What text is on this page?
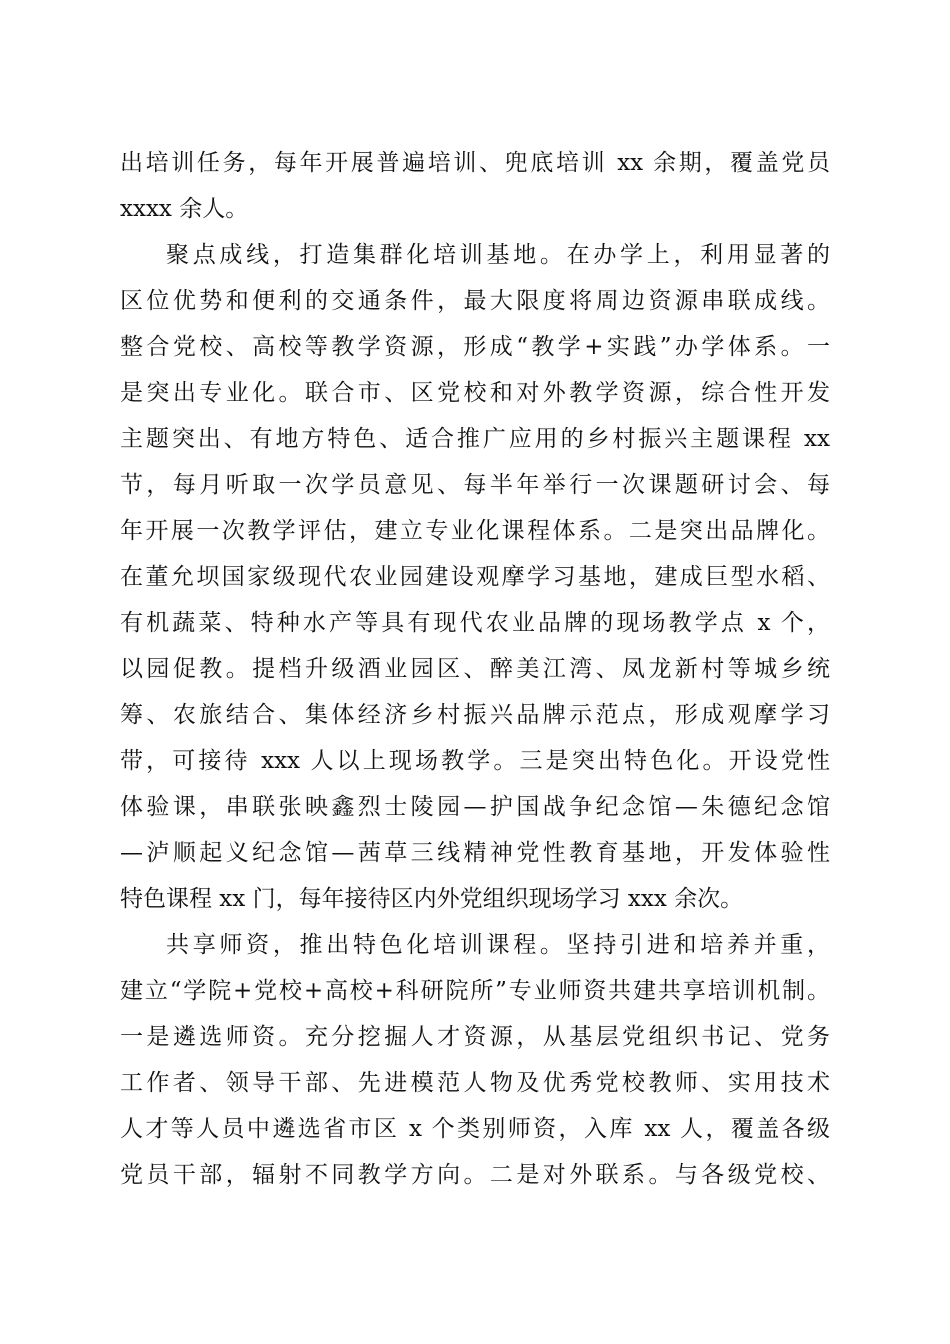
出培训任务，每年开展普遍培训、兜底培训 xx 余期，覆盖党员
xxxx 余人。
聚点成线，打造集群化培训基地。在办学上，利用显著的
区位优势和便利的交通条件，最大限度将周边资源串联成线。
整合党校、高校等教学资源，形成“教学+实践”办学体系。一
是突出专业化。联合市、区党校和对外教学资源，综合性开发
主题突出、有地方特色、适合推广应用的乡村振兴主题课程 xx
节，每月听取一次学员意见、每半年举行一次课题研讨会、每
年开展一次教学评估，建立专业化课程体系。二是突出品牌化。
在董允坝国家级现代农业园建设观摩学习基地，建成巨型水稻、
有机蔬菜、特种水产等具有现代农业品牌的现场教学点 x 个，
以园促教。提档升级酒业园区、醉美江湾、凤龙新村等城乡统
筹、农旅结合、集体经济乡村振兴品牌示范点，形成观摩学习
带，可接待 xxx 人以上现场教学。三是突出特色化。开设党性
体验课，串联张映鑫烈士陵园—护国战争纪念馆—朱德纪念馆
—泸顺起义纪念馆—茜草三线精神党性教育基地，开发体验性
特色课程 xx 门，每年接待区内外党组织现场学习 xxx 余次。
共享师资，推出特色化培训课程。坚持引进和培养并重，
建立“学院+党校+高校+科研院所”专业师资共建共享培训机制。
一是遴选师资。充分挖掘人才资源，从基层党组织书记、党务
工作者、领导干部、先进模范人物及优秀党校教师、实用技术
人才等人员中遴选省市区 x 个类别师资，入库 xx 人，覆盖各级
党员干部，辐射不同教学方向。二是对外联系。与各级党校、
